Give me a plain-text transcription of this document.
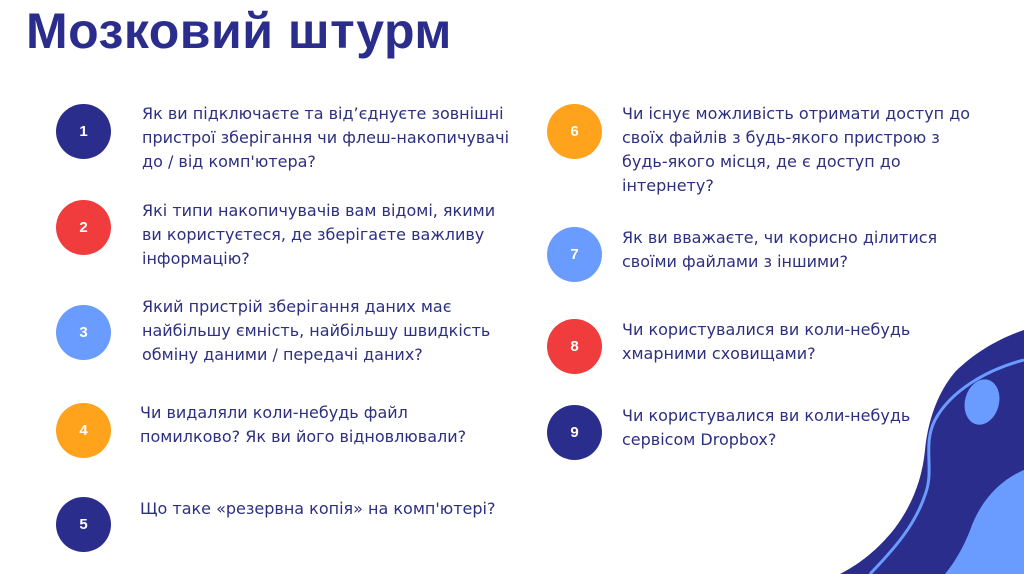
Мозковий штурм
1
Як ви підключаєте та від’єднуєте зовнішні
пристрої зберігання чи флеш-накопичувачі
до / від комп'ютера?
2
Які типи накопичувачів вам відомі, якими
ви користуєтеся, де зберігаєте важливу
інформацію?
3
Який пристрій зберігання даних має
найбільшу ємність, найбільшу швидкість
обміну даними / передачі даних?
4
Чи видаляли коли-небудь файл
помилково? Як ви його відновлювали?
5
Що таке «резервна копія» на комп'ютері?
6
Чи існує можливість отримати доступ до
своїх файлів з будь-якого пристрою з
будь-якого місця, де є доступ до
інтернету?
7
Як ви вважаєте, чи корисно ділитися
своїми файлами з іншими?
8
Чи користувалися ви коли-небудь
хмарними сховищами?
9
Чи користувалися ви коли-небудь
сервісом Dropbox?
